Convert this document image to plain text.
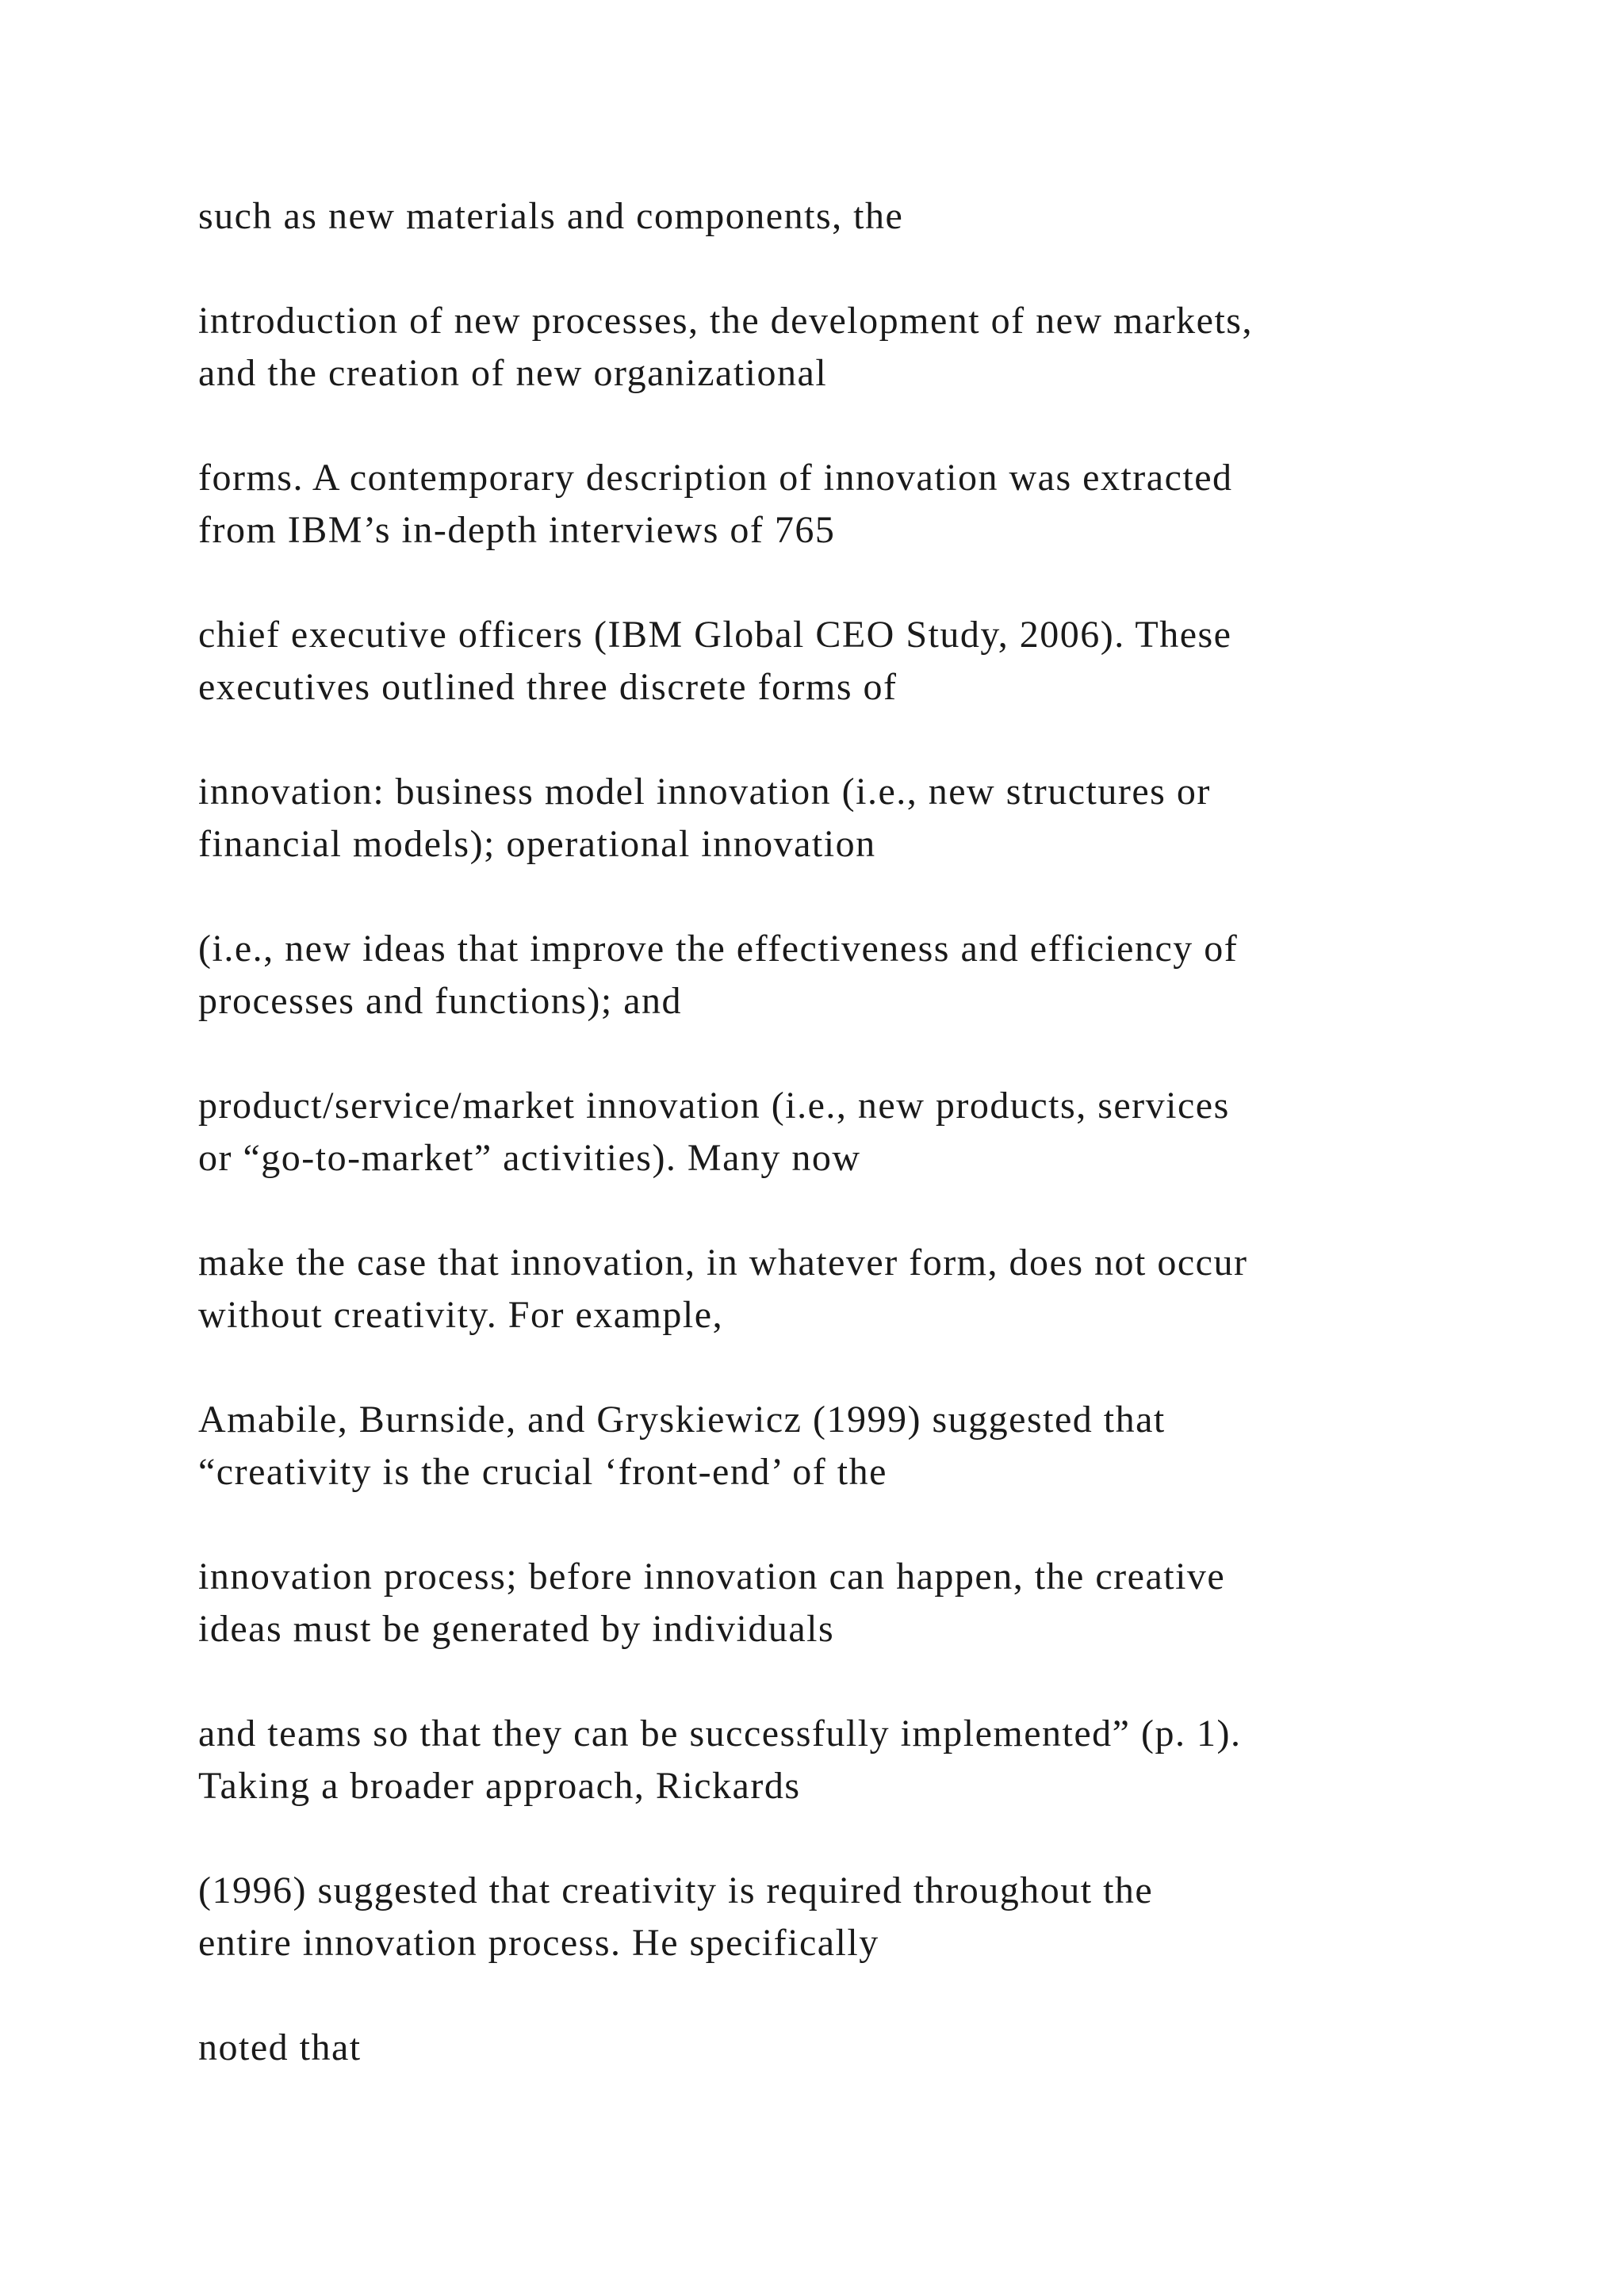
such as new materials and components, the

introduction of new processes, the development of new markets,
and the creation of new organizational

forms. A contemporary description of innovation was extracted
from IBM’s in-depth interviews of 765

chief executive officers (IBM Global CEO Study, 2006). These
executives outlined three discrete forms of

innovation: business model innovation (i.e., new structures or
financial models); operational innovation

(i.e., new ideas that improve the effectiveness and efficiency of
processes and functions); and

product/service/market innovation (i.e., new products, services
or “go-to-market” activities). Many now

make the case that innovation, in whatever form, does not occur
without creativity. For example,

Amabile, Burnside, and Gryskiewicz (1999) suggested that
“creativity is the crucial ‘front-end’ of the

innovation process; before innovation can happen, the creative
ideas must be generated by individuals

and teams so that they can be successfully implemented” (p. 1).
Taking a broader approach, Rickards

(1996) suggested that creativity is required throughout the
entire innovation process. He specifically

noted that
